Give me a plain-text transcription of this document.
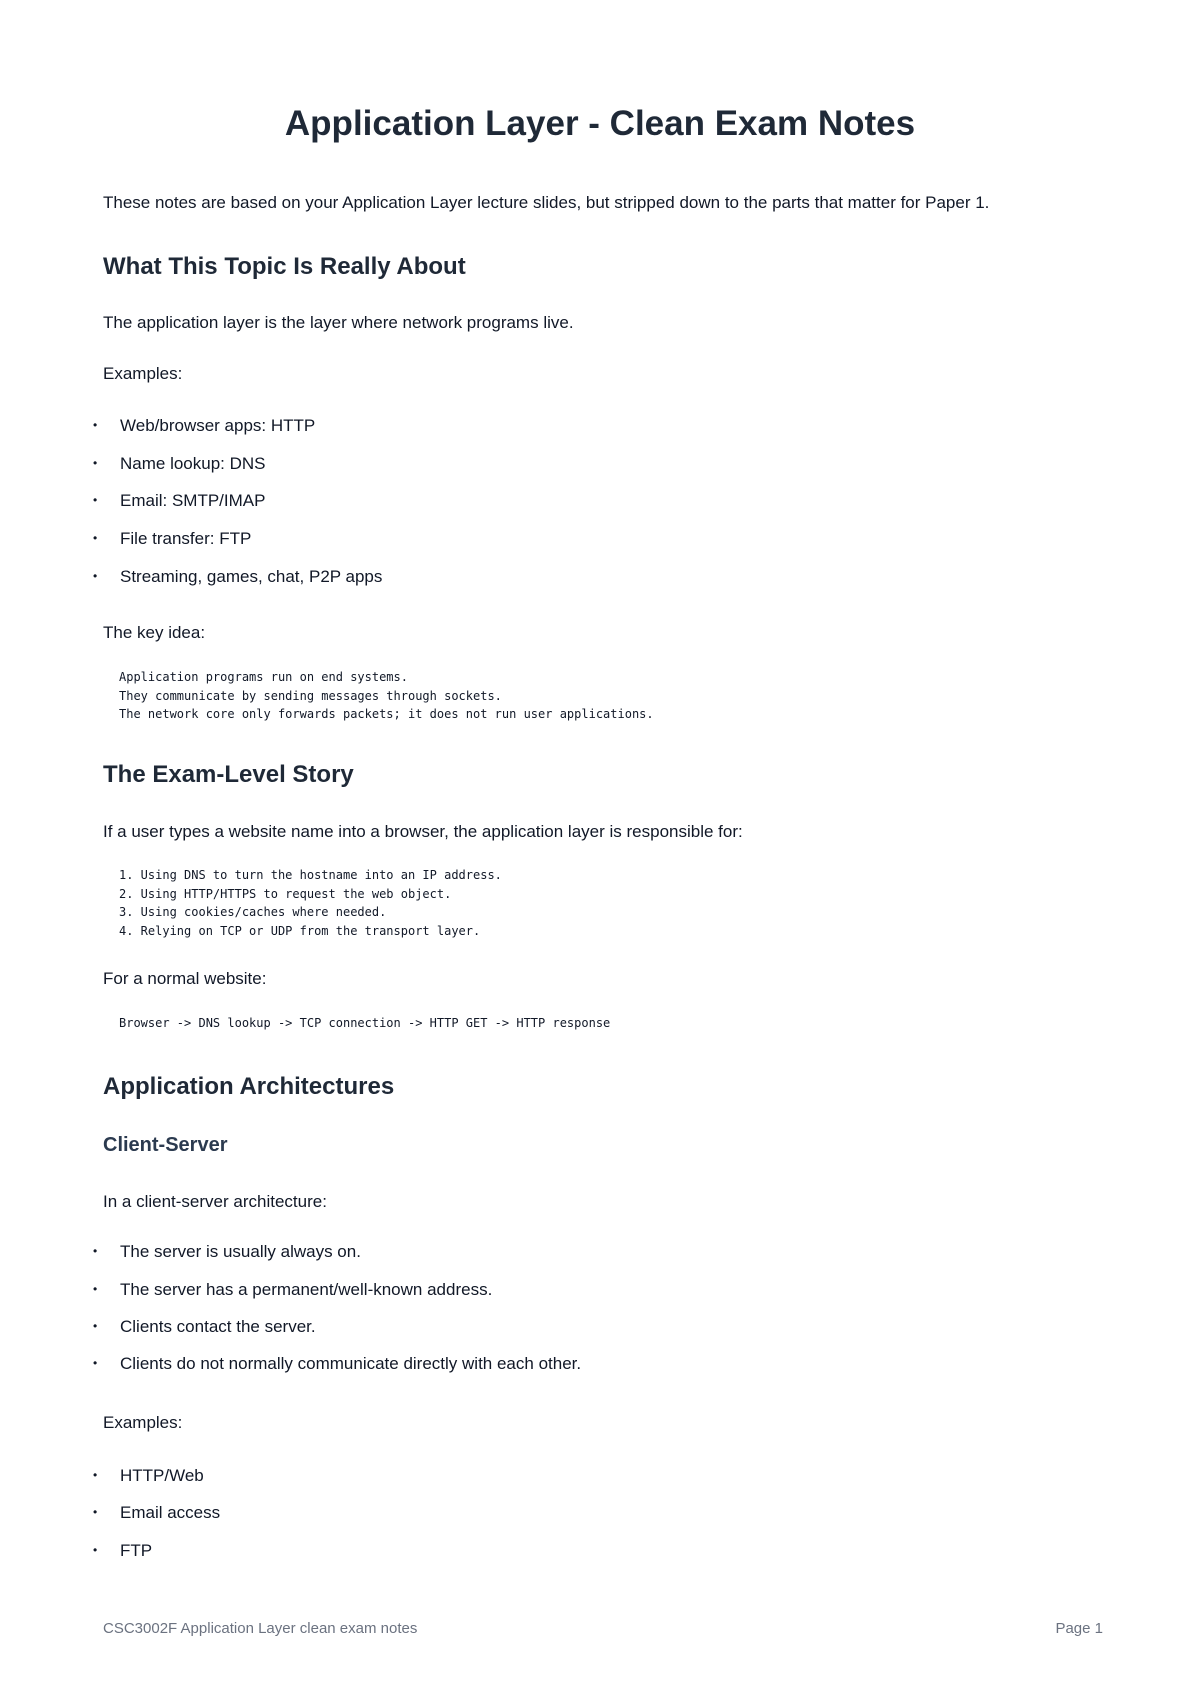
Application Layer - Clean Exam Notes

These notes are based on your Application Layer lecture slides, but stripped down to the parts that matter for Paper 1.

What This Topic Is Really About

The application layer is the layer where network programs live.

Examples:

• Web/browser apps: HTTP
• Name lookup: DNS
• Email: SMTP/IMAP
• File transfer: FTP
• Streaming, games, chat, P2P apps

The key idea:

Application programs run on end systems.
They communicate by sending messages through sockets.
The network core only forwards packets; it does not run user applications.
The Exam-Level Story

If a user types a website name into a browser, the application layer is responsible for:

1. Using DNS to turn the hostname into an IP address.
2. Using HTTP/HTTPS to request the web object.
3. Using cookies/caches where needed.
4. Relying on TCP or UDP from the transport layer.

For a normal website:

Browser -> DNS lookup -> TCP connection -> HTTP GET -> HTTP response
Application Architectures
Client-Server

In a client-server architecture:

• The server is usually always on.
• The server has a permanent/well-known address.
• Clients contact the server.
• Clients do not normally communicate directly with each other.

Examples:

• HTTP/Web
• Email access
• FTP
CSC3002F Application Layer clean exam notes	Page 1
